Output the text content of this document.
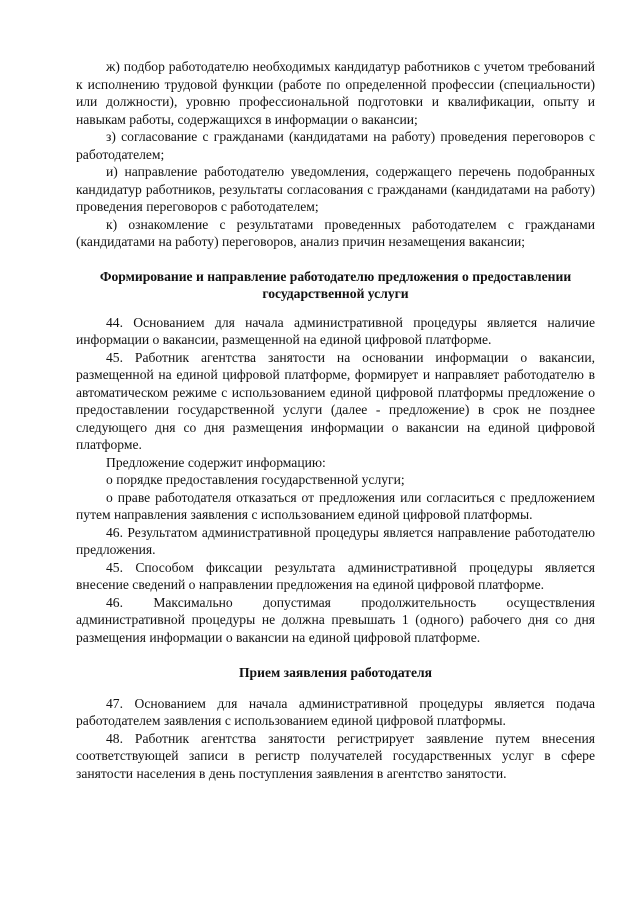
ж) подбор работодателю необходимых кандидатур работников с учетом требований к исполнению трудовой функции (работе по определенной профессии (специальности) или должности), уровню профессиональной подготовки и квалификации, опыту и навыкам работы, содержащихся в информации о вакансии;

з) согласование с гражданами (кандидатами на работу) проведения переговоров с работодателем;

и) направление работодателю уведомления, содержащего перечень подобранных кандидатур работников, результаты согласования с гражданами (кандидатами на работу) проведения переговоров с работодателем;

к) ознакомление с результатами проведенных работодателем с гражданами (кандидатами на работу) переговоров, анализ причин незамещения вакансии;

Формирование и направление работодателю предложения о предоставлении государственной услуги

44. Основанием для начала административной процедуры является наличие информации о вакансии, размещенной на единой цифровой платформе.

45. Работник агентства занятости на основании информации о вакансии, размещенной на единой цифровой платформе, формирует и направляет работодателю в автоматическом режиме с использованием единой цифровой платформы предложение о предоставлении государственной услуги (далее - предложение) в срок не позднее следующего дня со дня размещения информации о вакансии на единой цифровой платформе.

Предложение содержит информацию:

о порядке предоставления государственной услуги;

о праве работодателя отказаться от предложения или согласиться с предложением путем направления заявления с использованием единой цифровой платформы.

46. Результатом административной процедуры является направление работодателю предложения.

45. Способом фиксации результата административной процедуры является внесение сведений о направлении предложения на единой цифровой платформе.

46. Максимально допустимая продолжительность осуществления административной процедуры не должна превышать 1 (одного) рабочего дня со дня размещения информации о вакансии на единой цифровой платформе.

Прием заявления работодателя

47. Основанием для начала административной процедуры является подача работодателем заявления с использованием единой цифровой платформы.

48. Работник агентства занятости регистрирует заявление путем внесения соответствующей записи в регистр получателей государственных услуг в сфере занятости населения в день поступления заявления в агентство занятости.
